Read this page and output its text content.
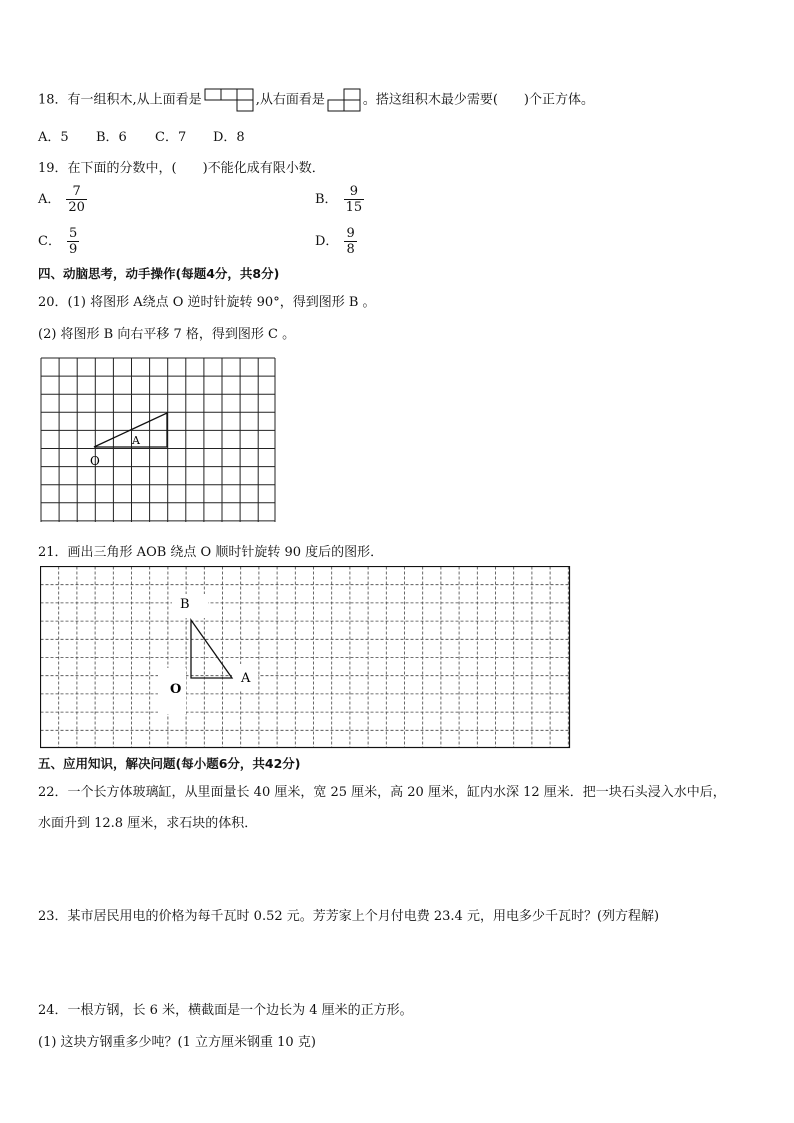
18．有一组积木,从上面看是	,从右面看是	。搭这组积木最少需要( )个正方体。
A．5 B．6 C．7 D．8
19．在下面的分数中，( )不能化成有限小数．
A． $\frac{7}{20}$	B． $\frac{9}{15}$
C． $\frac{5}{9}$	D． $\frac{9}{8}$
四、动脑思考，动手操作(每题4分，共8分)
20．(1) 将图形 A绕点 O 逆时针旋转 90°，得到图形 B 。
(2) 将图形 B 向右平移 7 格，得到图形 C 。
A
O
21．画出三角形 AOB 绕点 O 顺时针旋转 90 度后的图形．
B
O
A
五、应用知识，解决问题(每小题6分，共42分)
22．一个长方体玻璃缸，从里面量长 40 厘米，宽 25 厘米，高 20 厘米，缸内水深 12 厘米．把一块石头浸入水中后，
水面升到 12.8 厘米，求石块的体积．
23．某市居民用电的价格为每千瓦时 0.52 元。芳芳家上个月付电费 23.4 元，用电多少千瓦时？(列方程解)
24．一根方钢，长 6 米，横截面是一个边长为 4 厘米的正方形。
(1) 这块方钢重多少吨？(1 立方厘米钢重 10 克)
